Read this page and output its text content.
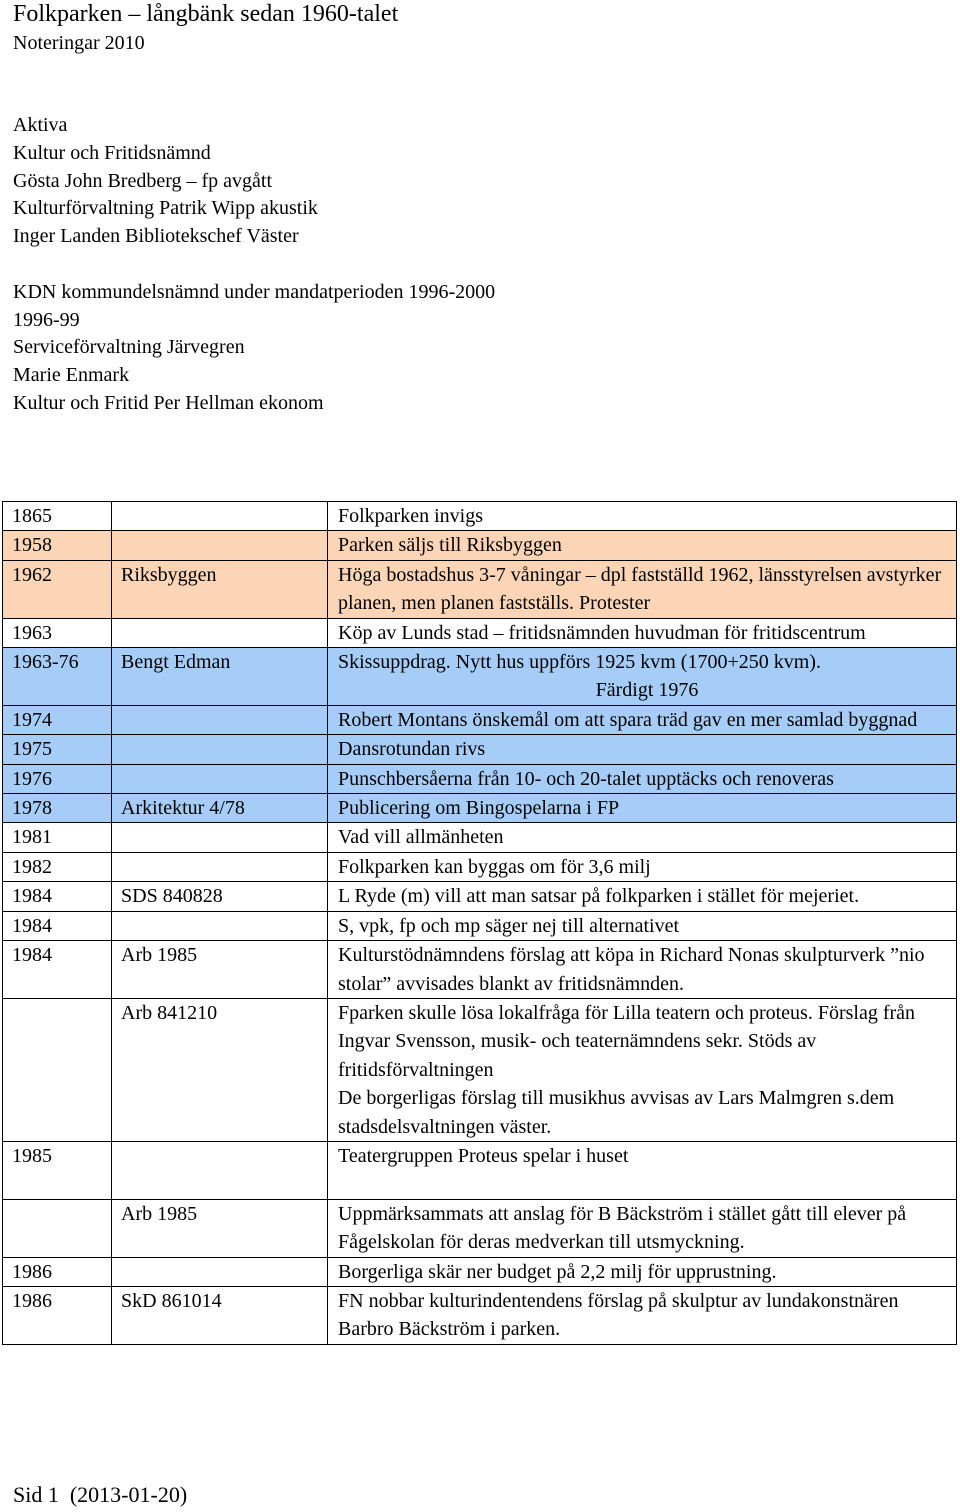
Folkparken – långbänk sedan 1960-talet
Noteringar 2010
Aktiva
Kultur och Fritidsnämnd
Gösta John Bredberg – fp avgått
Kulturförvaltning Patrik Wipp akustik
Inger Landen Bibliotekschef Väster
KDN kommundelsnämnd under mandatperioden 1996-2000
1996-99
Serviceförvaltning Järvegren
Marie Enmark
Kultur och Fritid Per Hellman ekonom
1865		Folkparken invigs
1958		Parken säljs till Riksbyggen
1962	Riksbyggen	Höga bostadshus 3-7 våningar – dpl fastställd 1962, länsstyrelsen avstyrker planen, men planen fastställs. Protester
1963		Köp av Lunds stad – fritidsnämnden huvudman för fritidscentrum
1963-76	Bengt Edman	Skissuppdrag. Nytt hus uppförs 1925 kvm (1700+250 kvm).
Färdigt 1976

1974		Robert Montans önskemål om att spara träd gav en mer samlad byggnad
1975		Dansrotundan rivs
1976		Punschbersåerna från 10- och 20-talet upptäcks och renoveras
1978	Arkitektur 4/78	Publicering om Bingospelarna i FP
1981		Vad vill allmänheten
1982		Folkparken kan byggas om för 3,6 milj
1984	SDS 840828	L Ryde (m) vill att man satsar på folkparken i stället för mejeriet.
1984		S, vpk, fp och mp säger nej till alternativet
1984	Arb 1985	Kulturstödnämndens förslag att köpa in Richard Nonas skulpturverk ”nio stolar” avvisades blankt av fritidsnämnden.
	Arb 841210	Fparken skulle lösa lokalfråga för Lilla teatern och proteus. Förslag från Ingvar Svensson, musik- och teaternämndens sekr. Stöds av fritidsförvaltningen
De borgerligas förslag till musikhus avvisas av Lars Malmgren s.dem stadsdelsvaltningen väster.

1985		Teatergruppen Proteus spelar i huset

	Arb 1985	Uppmärksammats att anslag för B Bäckström i stället gått till elever på Fågelskolan för deras medverkan till utsmyckning.
1986		Borgerliga skär ner budget på 2,2 milj för upprustning.
1986	SkD 861014	FN nobbar kulturindentendens förslag på skulptur av lundakonstnären Barbro Bäckström i parken.
Sid 1 (2013-01-20)
